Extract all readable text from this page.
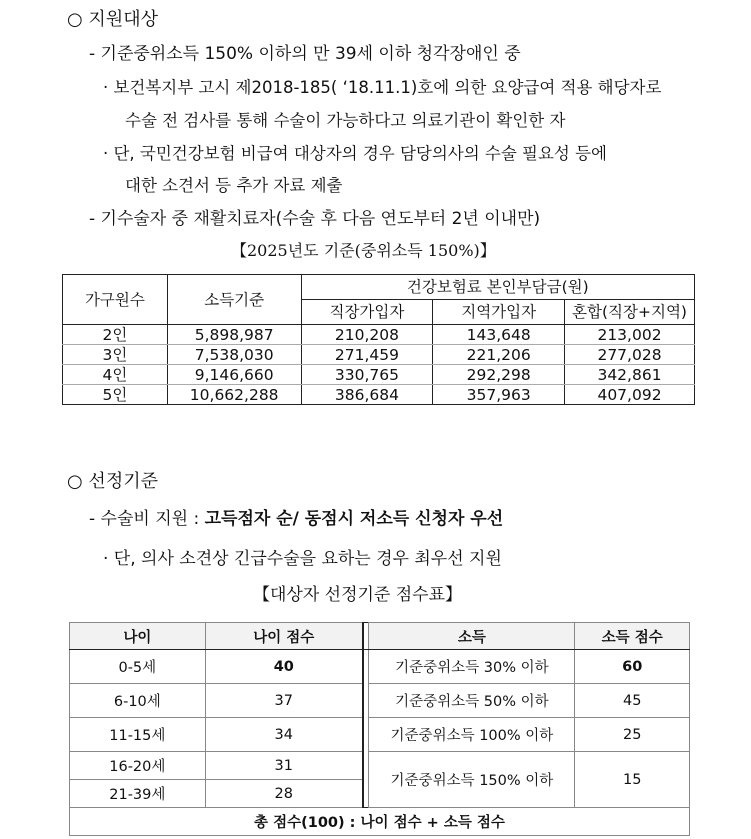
○ 지원대상
- 기준중위소득 150% 이하의 만 39세 이하 청각장애인 중
· 보건복지부 고시 제2018-185( ‘18.11.1)호에 의한 요양급여 적용 해당자로
수술 전 검사를 통해 수술이 가능하다고 의료기관이 확인한 자
· 단, 국민건강보험 비급여 대상자의 경우 담당의사의 수술 필요성 등에
대한 소견서 등 추가 자료 제출
- 기수술자 중 재활치료자(수술 후 다음 연도부터 2년 이내만)
【2025년도 기준(중위소득 150%)】
가구원수	소득기준	건강보험료 본인부담금(원)		
		직장가입자	지역가입자	혼합(직장+지역)
2인	5,898,987	210,208	143,648	213,002
3인	7,538,030	271,459	221,206	277,028
4인	9,146,660	330,765	292,298	342,861
5인	10,662,288	386,684	357,963	407,092
○ 선정기준
- 수술비 지원 : 고득점자 순/ 동점시 저소득 신청자 우선
· 단, 의사 소견상 긴급수술을 요하는 경우 최우선 지원
【대상자 선정기준 점수표】
나이	나이 점수		소득	소득 점수
0-5세	40		기준중위소득 30% 이하	60
6-10세	37		기준중위소득 50% 이하	45
11-15세	34		기준중위소득 100% 이하	25
16-20세	31		기준중위소득 150% 이하	15
21-39세	28			
총 점수(100) : 나이 점수 + 소득 점수				
